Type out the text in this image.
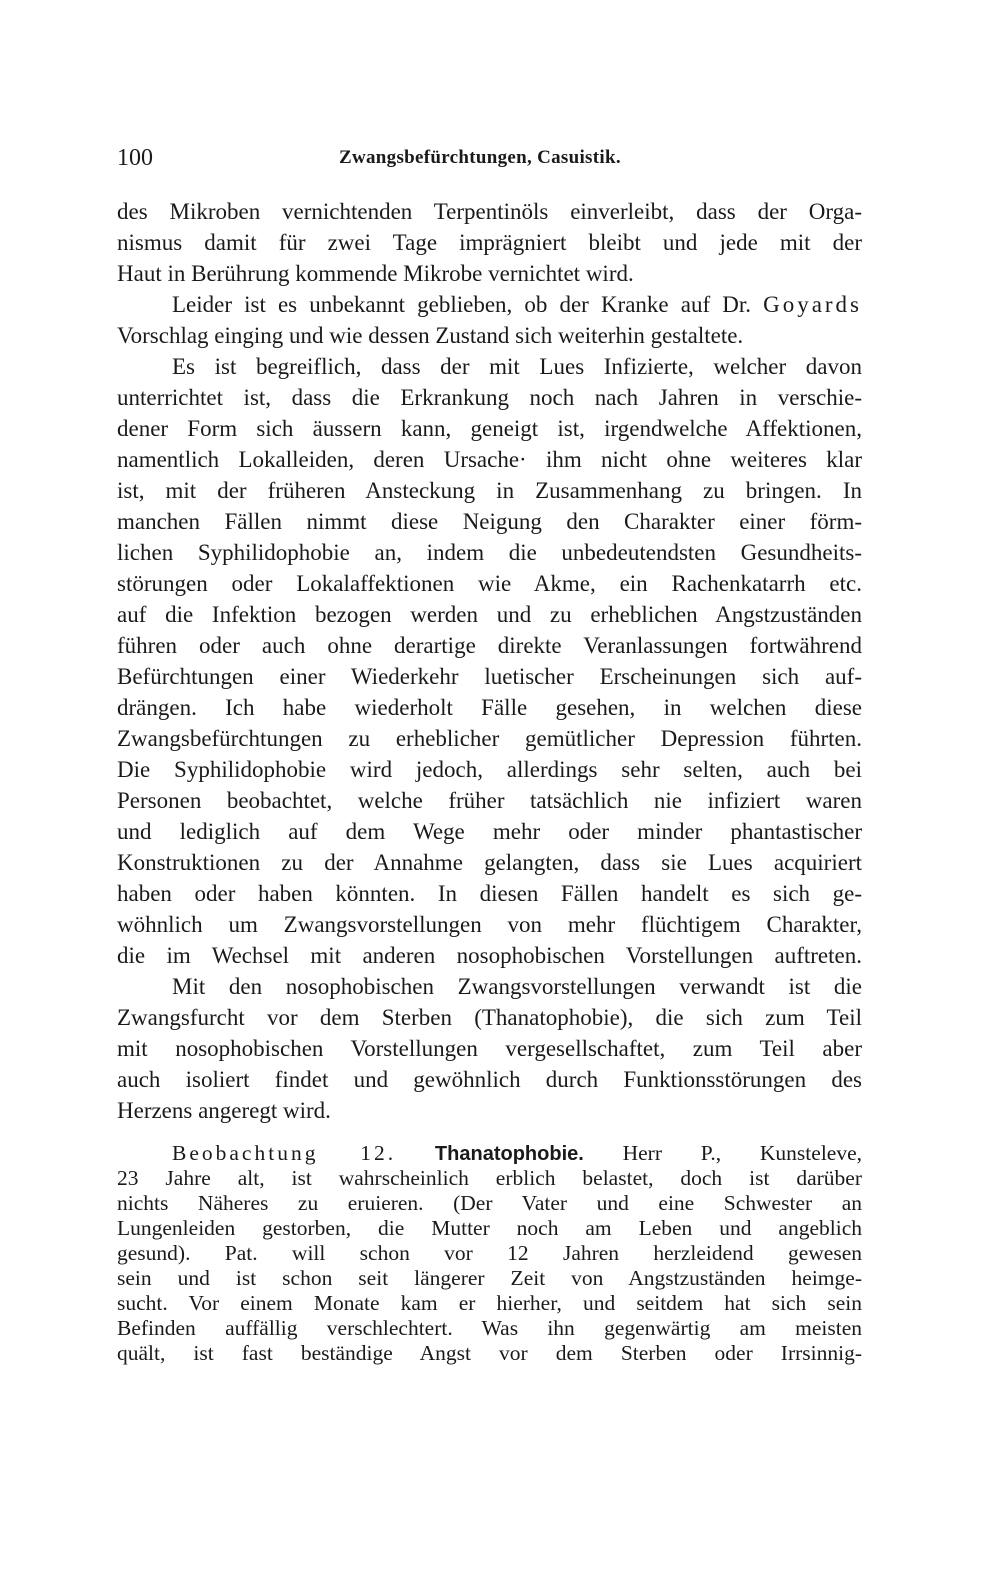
100	Zwangsbefürchtungen, Casuistik.
des Mikroben vernichtenden Terpentinöls einverleibt, dass der Orga-
nismus damit für zwei Tage imprägniert bleibt und jede mit der
Haut in Berührung kommende Mikrobe vernichtet wird.
Leider ist es unbekannt geblieben, ob der Kranke auf Dr. Goyards
Vorschlag einging und wie dessen Zustand sich weiterhin gestaltete.
Es ist begreiflich, dass der mit Lues Infizierte, welcher davon
unterrichtet ist, dass die Erkrankung noch nach Jahren in verschie-
dener Form sich äussern kann, geneigt ist, irgendwelche Affektionen,
namentlich Lokalleiden, deren Ursache· ihm nicht ohne weiteres klar
ist, mit der früheren Ansteckung in Zusammenhang zu bringen. In
manchen Fällen nimmt diese Neigung den Charakter einer förm-
lichen Syphilidophobie an, indem die unbedeutendsten Gesundheits-
störungen oder Lokalaffektionen wie Akme, ein Rachenkatarrh etc.
auf die Infektion bezogen werden und zu erheblichen Angstzuständen
führen oder auch ohne derartige direkte Veranlassungen fortwährend
Befürchtungen einer Wiederkehr luetischer Erscheinungen sich auf-
drängen. Ich habe wiederholt Fälle gesehen, in welchen diese
Zwangsbefürchtungen zu erheblicher gemütlicher Depression führten.
Die Syphilidophobie wird jedoch, allerdings sehr selten, auch bei
Personen beobachtet, welche früher tatsächlich nie infiziert waren
und lediglich auf dem Wege mehr oder minder phantastischer
Konstruktionen zu der Annahme gelangten, dass sie Lues acquiriert
haben oder haben könnten. In diesen Fällen handelt es sich ge-
wöhnlich um Zwangsvorstellungen von mehr flüchtigem Charakter,
die im Wechsel mit anderen nosophobischen Vorstellungen auftreten.
Mit den nosophobischen Zwangsvorstellungen verwandt ist die
Zwangsfurcht vor dem Sterben (Thanatophobie), die sich zum Teil
mit nosophobischen Vorstellungen vergesellschaftet, zum Teil aber
auch isoliert findet und gewöhnlich durch Funktionsstörungen des
Herzens angeregt wird.
Beobachtung 12. Thanatophobie. Herr P., Kunsteleve,
23 Jahre alt, ist wahrscheinlich erblich belastet, doch ist darüber
nichts Näheres zu eruieren. (Der Vater und eine Schwester an
Lungenleiden gestorben, die Mutter noch am Leben und angeblich
gesund). Pat. will schon vor 12 Jahren herzleidend gewesen
sein und ist schon seit längerer Zeit von Angstzuständen heimge-
sucht. Vor einem Monate kam er hierher, und seitdem hat sich sein
Befinden auffällig verschlechtert. Was ihn gegenwärtig am meisten
quält, ist fast beständige Angst vor dem Sterben oder Irrsinnig-
